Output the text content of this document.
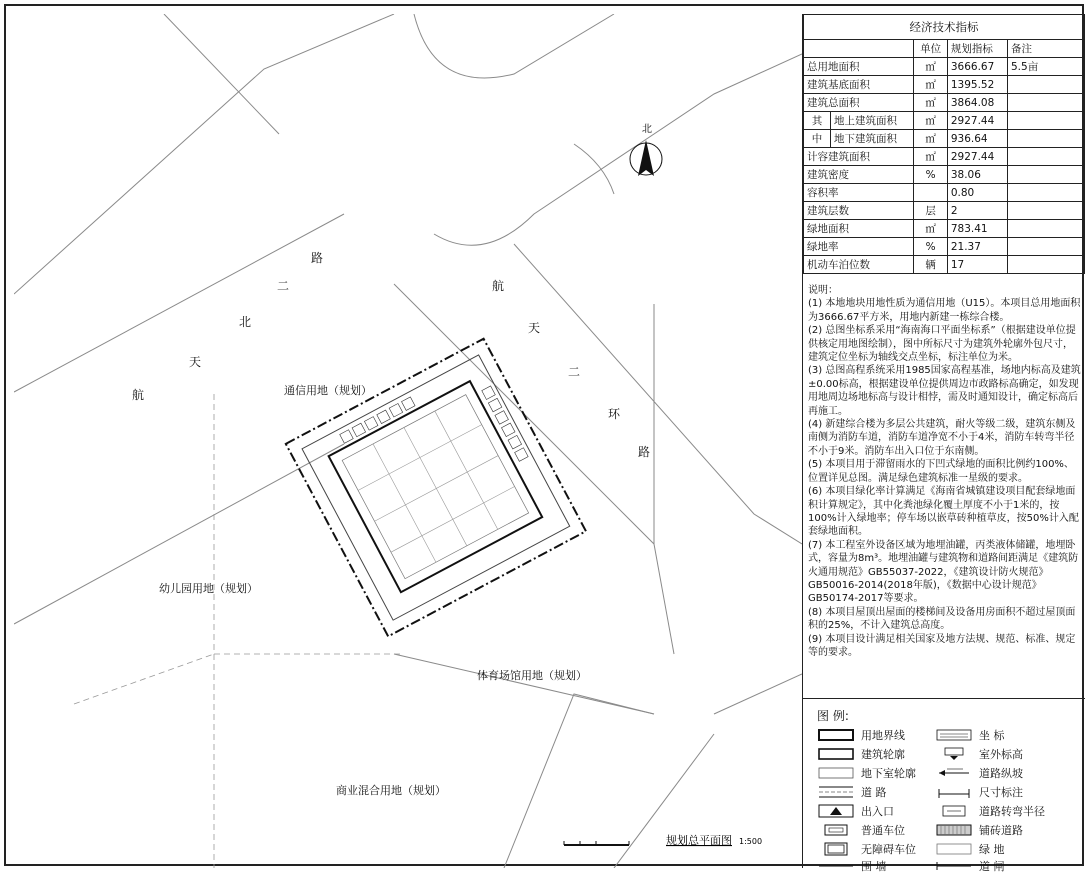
北
航
天
北
二
路
航
天
二
环
路
通信用地（规划）
幼儿园用地（规划）
体育场馆用地（规划）
商业混合用地（规划）
规划总平面图 1:500
经济技术指标				
		单位	规划指标	备注
总用地面积		㎡	3666.67	5.5亩
建筑基底面积		㎡	1395.52	
建筑总面积		㎡	3864.08	
其	地上建筑面积	㎡	2927.44	
中	地下建筑面积	㎡	936.64	
计容建筑面积		㎡	2927.44	
建筑密度		%	38.06	
容积率			0.80	
建筑层数		层	2	
绿地面积		㎡	783.41	
绿地率		%	21.37	
机动车泊位数		辆	17	

说明：

(1) 本地地块用地性质为通信用地（U15）。本项目总用地面积为3666.67平方米，用地内新建一栋综合楼。

(2) 总图坐标系采用“海南海口平面坐标系”（根据建设单位提供核定用地图绘制），图中所标尺寸为建筑外轮廓外包尺寸，建筑定位坐标为轴线交点坐标，标注单位为米。

(3) 总图高程系统采用1985国家高程基准，场地内标高及建筑±0.00标高，根据建设单位提供周边市政路标高确定，如发现用地周边场地标高与设计相悖，需及时通知设计，确定标高后再施工。

(4) 新建综合楼为多层公共建筑，耐火等级二级，建筑东侧及南侧为消防车道，消防车道净宽不小于4米，消防车转弯半径不小于9米。消防车出入口位于东南侧。

(5) 本项目用于滞留雨水的下凹式绿地的面积比例约100%、位置详见总图。满足绿色建筑标准一星级的要求。

(6) 本项目绿化率计算满足《海南省城镇建设项目配套绿地面积计算规定》，其中化粪池绿化覆土厚度不小于1米的，按100%计入绿地率；停车场以嵌草砖种植草皮，按50%计入配套绿地面积。

(7) 本工程室外设备区域为地埋油罐，丙类液体储罐，地埋卧式，容量为8m³。地埋油罐与建筑物和道路间距满足《建筑防火通用规范》GB55037-2022，《建筑设计防火规范》GB50016-2014(2018年版)，《数据中心设计规范》GB50174-2017等要求。

(8) 本项目屋顶出屋面的楼梯间及设备用房面积不超过屋顶面积的25%，不计入建筑总高度。

(9) 本项目设计满足相关国家及地方法规、规范、标准、规定等的要求。

图 例:
用地界线	坐 标
建筑轮廓	室外标高
地下室轮廓	道路纵坡
道 路	尺寸标注
出入口	道路转弯半径
普通车位	铺砖道路
无障碍车位	绿 地
围 墙	道 闸
